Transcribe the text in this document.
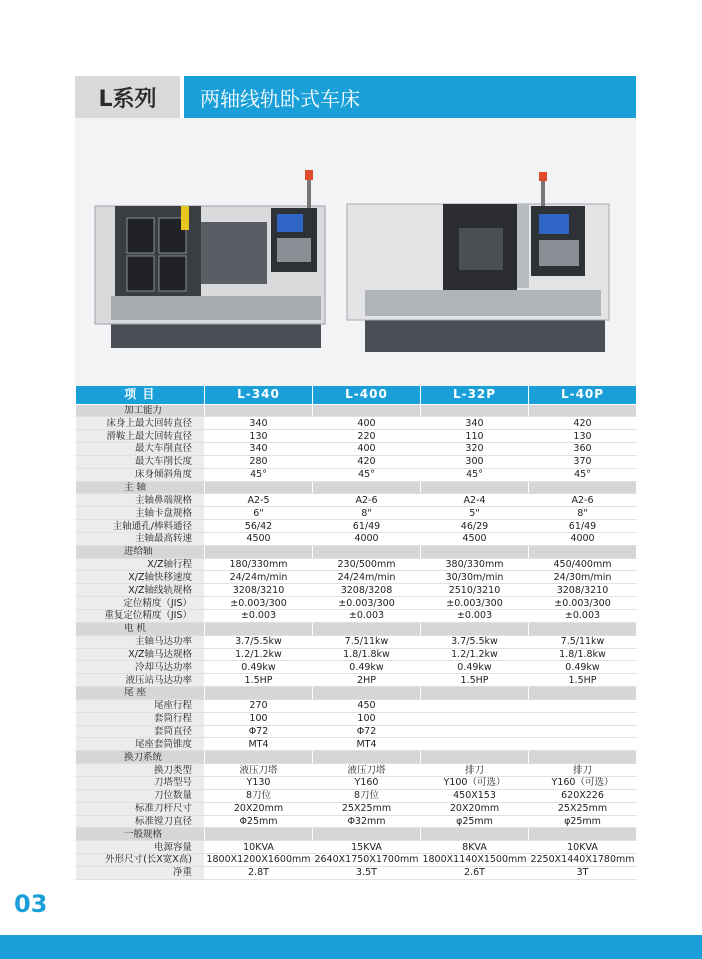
L系列	两轴线轨卧式车床
项 目	L-340	L-400	L-32P	L-40P
加工能力				
床身上最大回转直径	340	400	340	420
滑鞍上最大回转直径	130	220	110	130
最大车削直径	340	400	320	360
最大车削长度	280	420	300	370
床身倾斜角度	45°	45°	45°	45°
主 轴				
主轴鼻端规格	A2-5	A2-6	A2-4	A2-6
主轴卡盘规格	6"	8"	5"	8"
主轴通孔/棒料通径	56/42	61/49	46/29	61/49
主轴最高转速	4500	4000	4500	4000
进给轴				
X/Z轴行程	180/330mm	230/500mm	380/330mm	450/400mm
X/Z轴快移速度	24/24m/min	24/24m/min	30/30m/min	24/30m/min
X/Z轴线轨规格	3208/3210	3208/3208	2510/3210	3208/3210
定位精度（JIS）	±0.003/300	±0.003/300	±0.003/300	±0.003/300
重复定位精度（JIS）	±0.003	±0.003	±0.003	±0.003
电 机				
主轴马达功率	3.7/5.5kw	7.5/11kw	3.7/5.5kw	7.5/11kw
X/Z轴马达规格	1.2/1.2kw	1.8/1.8kw	1.2/1.2kw	1.8/1.8kw
冷却马达功率	0.49kw	0.49kw	0.49kw	0.49kw
液压站马达功率	1.5HP	2HP	1.5HP	1.5HP
尾 座				
尾座行程	270	450		
套筒行程	100	100		
套筒直径	Φ72	Φ72		
尾座套筒锥度	MT4	MT4		
换刀系统				
换刀类型	液压刀塔	液压刀塔	排刀	排刀
刀塔型号	Y130	Y160	Y100（可选）	Y160（可选）
刀位数量	8刀位	8刀位	450X153	620X226
标准刀杆尺寸	20X20mm	25X25mm	20X20mm	25X25mm
标准镗刀直径	Φ25mm	Φ32mm	φ25mm	φ25mm
一般规格				
电源容量	10KVA	15KVA	8KVA	10KVA
外形尺寸(长X宽X高)	1800X1200X1600mm	2640X1750X1700mm	1800X1140X1500mm	2250X1440X1780mm
净重	2.8T	3.5T	2.6T	3T
03
